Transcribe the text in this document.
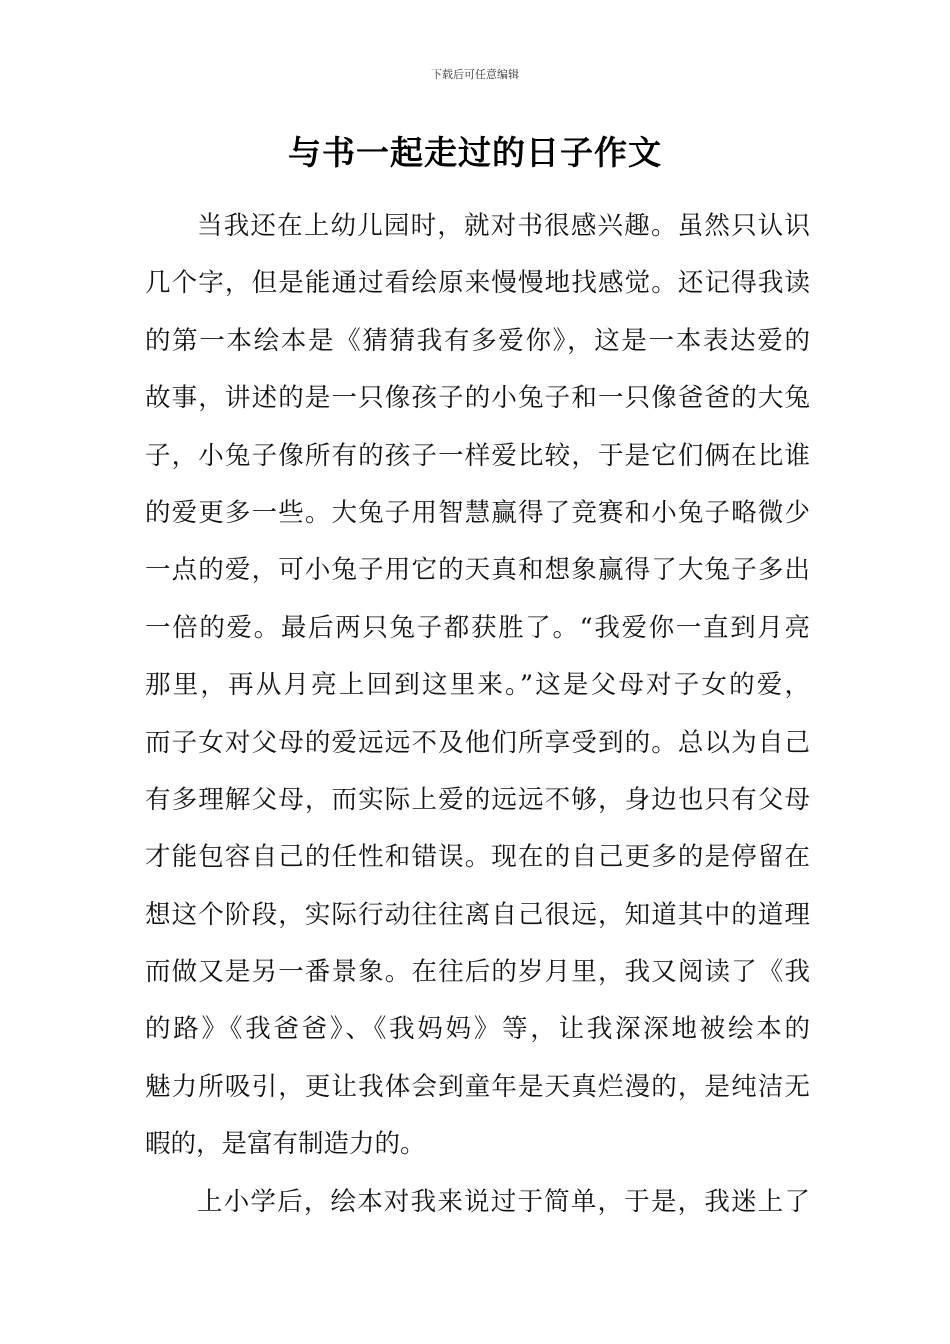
下载后可任意编辑
与书一起走过的日子作文
当我还在上幼儿园时，就对书很感兴趣。虽然只认识
几个字，但是能通过看绘原来慢慢地找感觉。还记得我读
的第一本绘本是《猜猜我有多爱你》，这是一本表达爱的
故事，讲述的是一只像孩子的小兔子和一只像爸爸的大兔
子，小兔子像所有的孩子一样爱比较，于是它们俩在比谁
的爱更多一些。大兔子用智慧赢得了竞赛和小兔子略微少
一点的爱，可小兔子用它的天真和想象赢得了大兔子多出
一倍的爱。最后两只兔子都获胜了。“我爱你一直到月亮
那里，再从月亮上回到这里来。”这是父母对子女的爱，
而子女对父母的爱远远不及他们所享受到的。总以为自己
有多理解父母，而实际上爱的远远不够，身边也只有父母
才能包容自己的任性和错误。现在的自己更多的是停留在
想这个阶段，实际行动往往离自己很远，知道其中的道理
而做又是另一番景象。在往后的岁月里，我又阅读了《我
的路》《我爸爸》、《我妈妈》等，让我深深地被绘本的
魅力所吸引，更让我体会到童年是天真烂漫的，是纯洁无
暇的，是富有制造力的。
上小学后，绘本对我来说过于简单，于是，我迷上了
